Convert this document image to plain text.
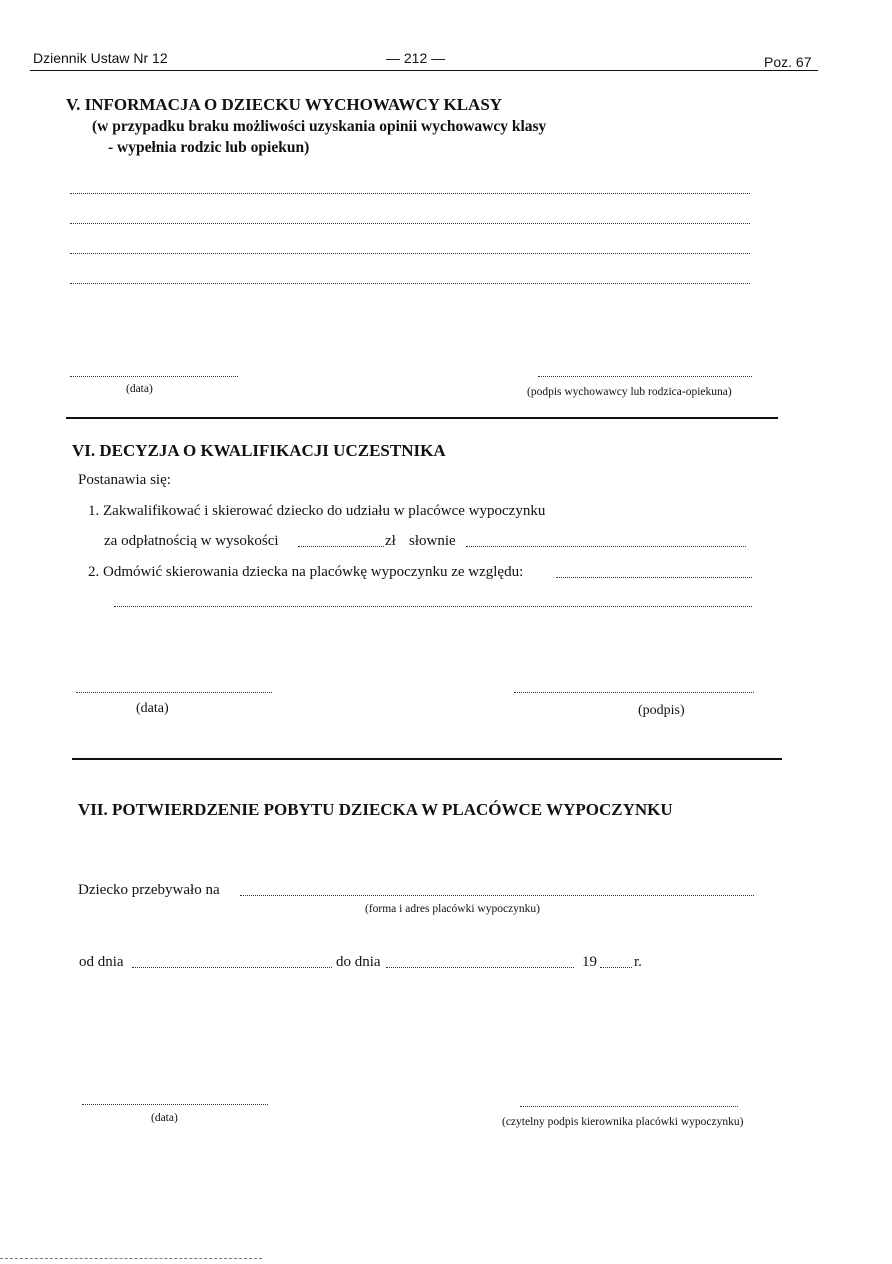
Dziennik Ustaw Nr 12	— 212 —	Poz. 67
V. INFORMACJA O DZIECKU WYCHOWAWCY KLASY
(w przypadku braku możliwości uzyskania opinii wychowawcy klasy
- wypełnia rodzic lub opiekun)
(data)	(podpis wychowawcy lub rodzica-opiekuna)
VI. DECYZJA O KWALIFIKACJI UCZESTNIKA
Postanawia się:
1. Zakwalifikować i skierować dziecko do udziału w placówce wypoczynku
za odpłatnością w wysokości	zł słownie
2. Odmówić skierowania dziecka na placówkę wypoczynku ze względu:
(data)	(podpis)
VII. POTWIERDZENIE POBYTU DZIECKA W PLACÓWCE WYPOCZYNKU
Dziecko przebywało na
(forma i adres placówki wypoczynku)
od dnia	do dnia	19 r.
(data)	(czytelny podpis kierownika placówki wypoczynku)
